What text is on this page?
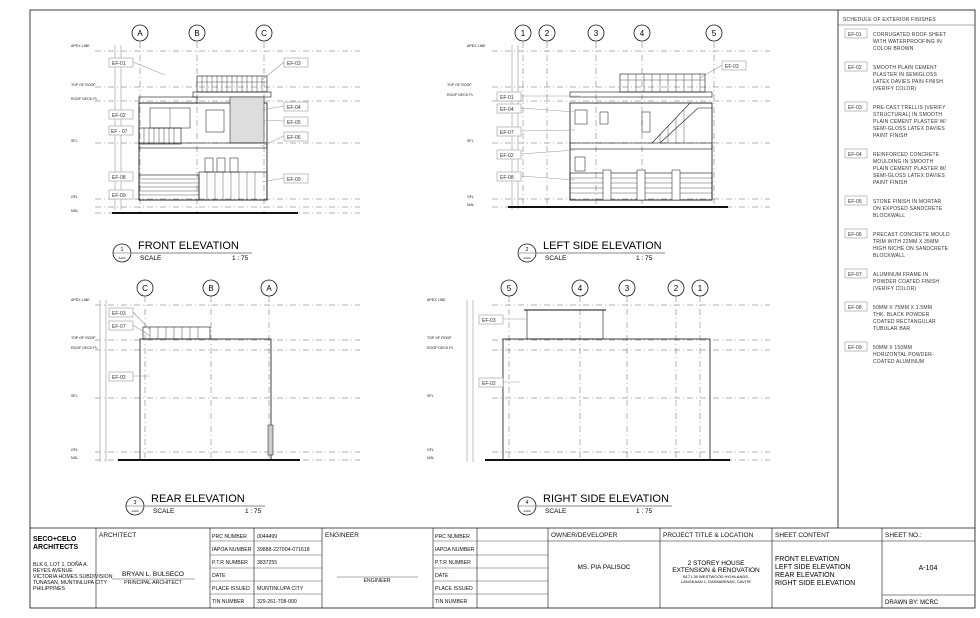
SCHEDULE OF EXTERIOR FINISHES
EF-01 CORRUGATED ROOF SHEET
WITH WATERPROOFING IN
COLOR BROWN
EF-02 SMOOTH PLAIN CEMENT
PLASTER IN SEMIGLOSS
LATEX DAVIES PAIN FINISH
(VERIFY COLOR)
EF-03 PRE-CAST TRELLIS (VERIFY
STRUCTURAL) IN SMOOTH
PLAIN CEMENT PLASTER W/
SEMI-GLOSS LATEX DAVIES
PAINT FINISH
EF-04 REINFORCED CONCRETE
MOULDING IN SMOOTH
PLAIN CEMENT PLASTER W/
SEMI-GLOSS LATEX DAVIES
PAINT FINISH
EF-05 STONE FINISH IN MORTAR
ON EXPOSED SANDCRETE
BLOCKWALL
EF-06 PRECAST CONCRETE MOULD
TRIM WITH 22MM X 35MM
HIGH NICHE ON SANDCRETE
BLOCKWALL
EF-07 ALUMINUM FRAME IN
POWDER COATED FINISH
(VERIFY COLOR)
EF-08 50MM X 75MM X 1.5MM
THK. BLACK POWDER
COATED RECTANGULAR
TUBULAR BAR
EF-09 50MM X 150MM
HORIZONTAL POWDER-
COATED ALUMINUM
APEX LINE
TOP OF ROOF
ROOF DECK FL
SFL
GFL
NGL
A	B	C
EF-01
EF-02
EF - 07
EF-08
EF-09
EF-03
EF-04
EF-05
EF-06
EF-09
1
A104
FRONT ELEVATION
SCALE	1 : 75
APEX LINE
TOP OF ROOF
ROOF DECK FL
SFL
GFL
NGL
1 2	3	4	5
EF-01
EF-04
EF-07
EF-02
EF-08
EF-03
2
A104
LEFT SIDE ELEVATION
SCALE	1 : 75
APEX LINE
TOP OF ROOF
ROOF DECK FL
SFL
GFL
NGL
C	B	A
EF-03
EF-07
EF-02
3
A104
REAR ELEVATION
SCALE	1 : 75
APEX LINE
TOP OF ROOF
ROOF DECK FL
SFL
GFL
NGL
5	4	3	2 1
EF-03
EF-02
4
A104
RIGHT SIDE ELEVATION
SCALE	1 : 75
SECO+CELO
ARCHITECTS
BLK 6, LOT 1, DOÑA A.
REYES AVENUE
VICTORIA HOMES SUBDIVISION
TUNASAN, MUNTINLUPA CITY
PHILIPPINES
ARCHITECT
BRYAN L. BULSECO
PRINCIPAL ARCHITECT
PRC NUMBER 0044499
IAPOA NUMBER 39888-227004-071618
P.T.R NUMBER 3837255
DATE
PLACE ISSUED MUNTINLUPA CITY
TIN NUMBER 329-261-708-000
ENGINEER
ENGINEER
PRC NUMBER
IAPOA NUMBER
P.T.R NUMBER
DATE
PLACE ISSUED
TIN NUMBER
OWNER/DEVELOPER
MS. PIA PALISOC
PROJECT TITLE & LOCATION
2 STOREY HOUSE
EXTENSION & RENOVATION
B17 L39 WESTWOOD HIGHLANDS,
LANGKAAN 1, DASMARINAS, CAVITE
SHEET CONTENT
FRONT ELEVATION
LEFT SIDE ELEVATION
REAR ELEVATION
RIGHT SIDE ELEVATION
SHEET NO.:
A-104
DRAWN BY: MCRC
